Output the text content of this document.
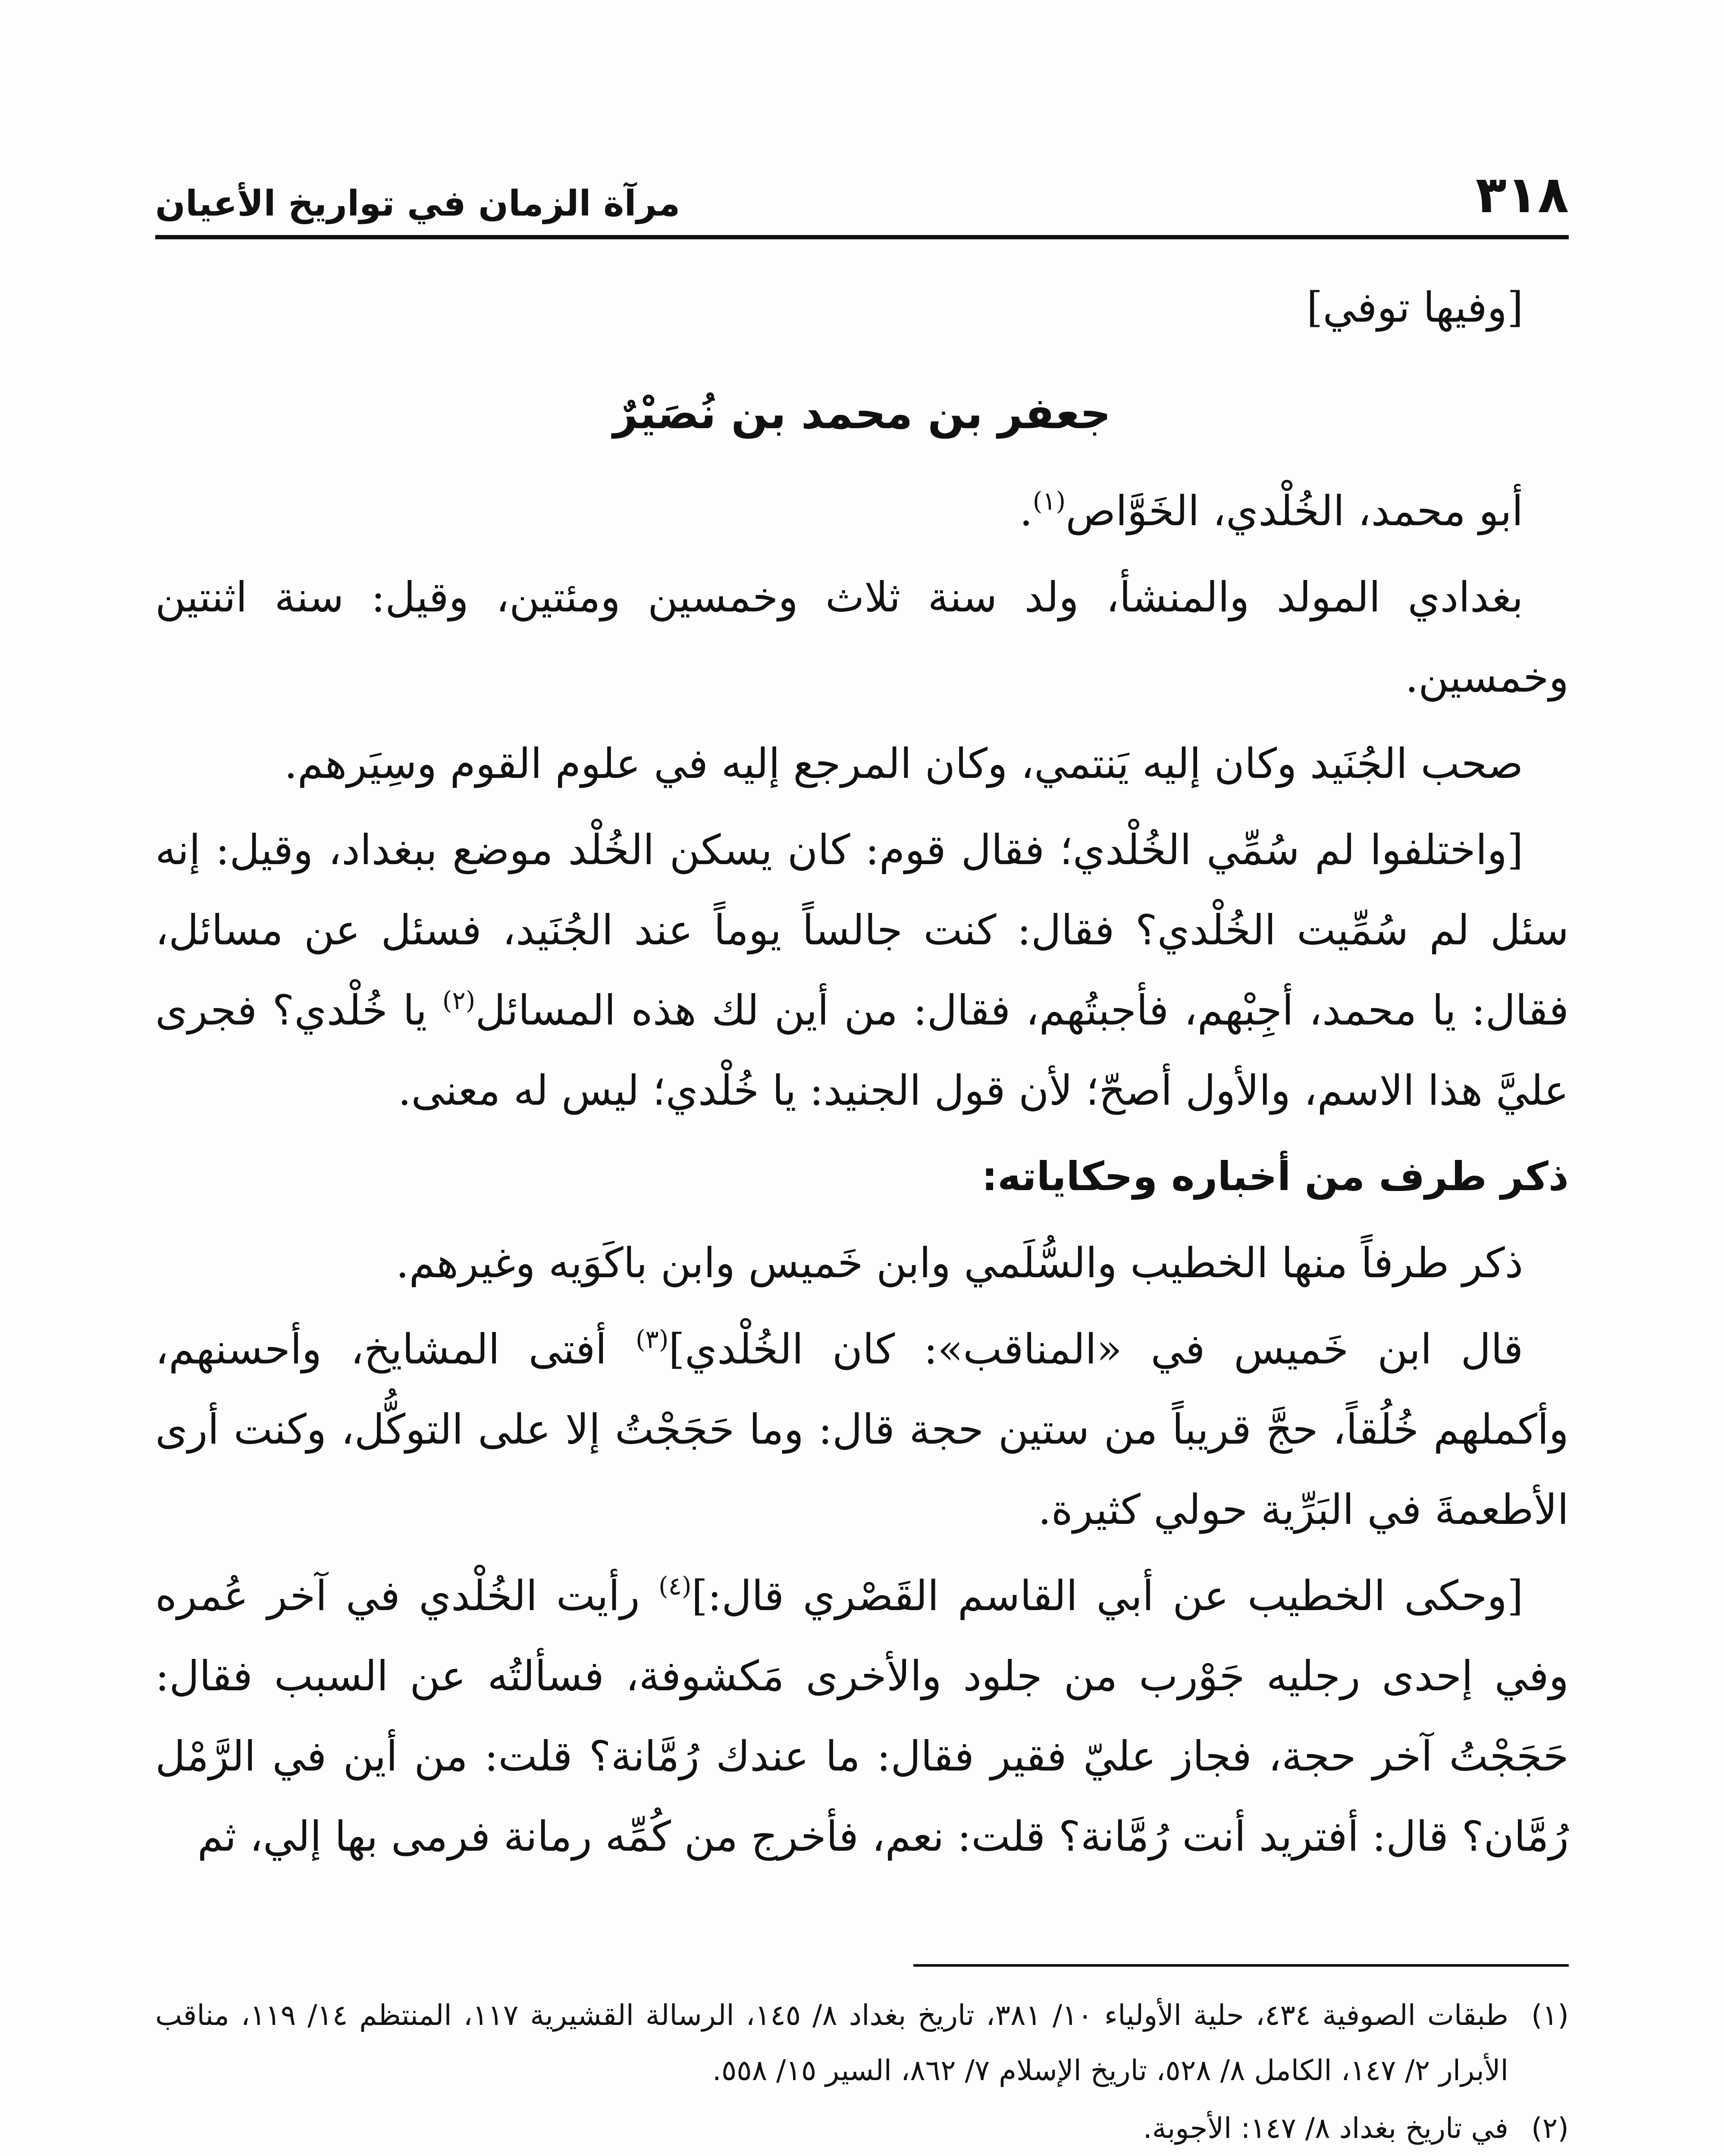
٣١٨
مرآة الزمان في تواريخ الأعيان

[وفيها توفي]

جعفر بن محمد بن نُصَيْرٌ

أبو محمد، الخُلْدي، الخَوَّاص$^{(١)}$.

بغدادي المولد والمنشأ، ولد سنة ثلاث وخمسين ومئتين، وقيل: سنة اثنتين وخمسين.

صحب الجُنَيد وكان إليه يَنتمي، وكان المرجع إليه في علوم القوم وسِيَرهم.

[واختلفوا لم سُمِّي الخُلْدي؛ فقال قوم: كان يسكن الخُلْد موضع ببغداد، وقيل: إنه سئل لم سُمِّيت الخُلْدي؟ فقال: كنت جالساً يوماً عند الجُنَيد، فسئل عن مسائل، فقال: يا محمد، أجِبْهم، فأجبتُهم، فقال: من أين لك هذه المسائل$^{(٢)}$ يا خُلْدي؟ فجرى عليَّ هذا الاسم، والأول أصحّ؛ لأن قول الجنيد: يا خُلْدي؛ ليس له معنى.

ذكر طرف من أخباره وحكاياته:

ذكر طرفاً منها الخطيب والسُّلَمي وابن خَميس وابن باكَوَيه وغيرهم.

قال ابن خَميس في «المناقب»: كان الخُلْدي]$^{(٣)}$ أفتى المشايخ، وأحسنهم، وأكملهم خُلُقاً، حجَّ قريباً من ستين حجة قال: وما حَجَجْتُ إلا على التوكُّل، وكنت أرى الأطعمةَ في البَرِّية حولي كثيرة.

[وحكى الخطيب عن أبي القاسم القَصْري قال:]$^{(٤)}$ رأيت الخُلْدي في آخر عُمره وفي إحدى رجليه جَوْرب من جلود والأخرى مَكشوفة، فسألتُه عن السبب فقال: حَجَجْتُ آخر حجة، فجاز عليّ فقير فقال: ما عندك رُمَّانة؟ قلت: من أين في الرَّمْل رُمَّان؟ قال: أفتريد أنت رُمَّانة؟ قلت: نعم، فأخرج من كُمِّه رمانة فرمى بها إلي، ثم

(١)طبقات الصوفية ٤٣٤، حلية الأولياء ١٠/ ٣٨١، تاريخ بغداد ٨/ ١٤٥، الرسالة القشيرية ١١٧، المنتظم ١٤/ ١١٩، مناقب الأبرار ٢/ ١٤٧، الكامل ٨/ ٥٢٨، تاريخ الإسلام ٧/ ٨٦٢، السير ١٥/ ٥٥٨.

(٢)في تاريخ بغداد ٨/ ١٤٧: الأجوبة.
